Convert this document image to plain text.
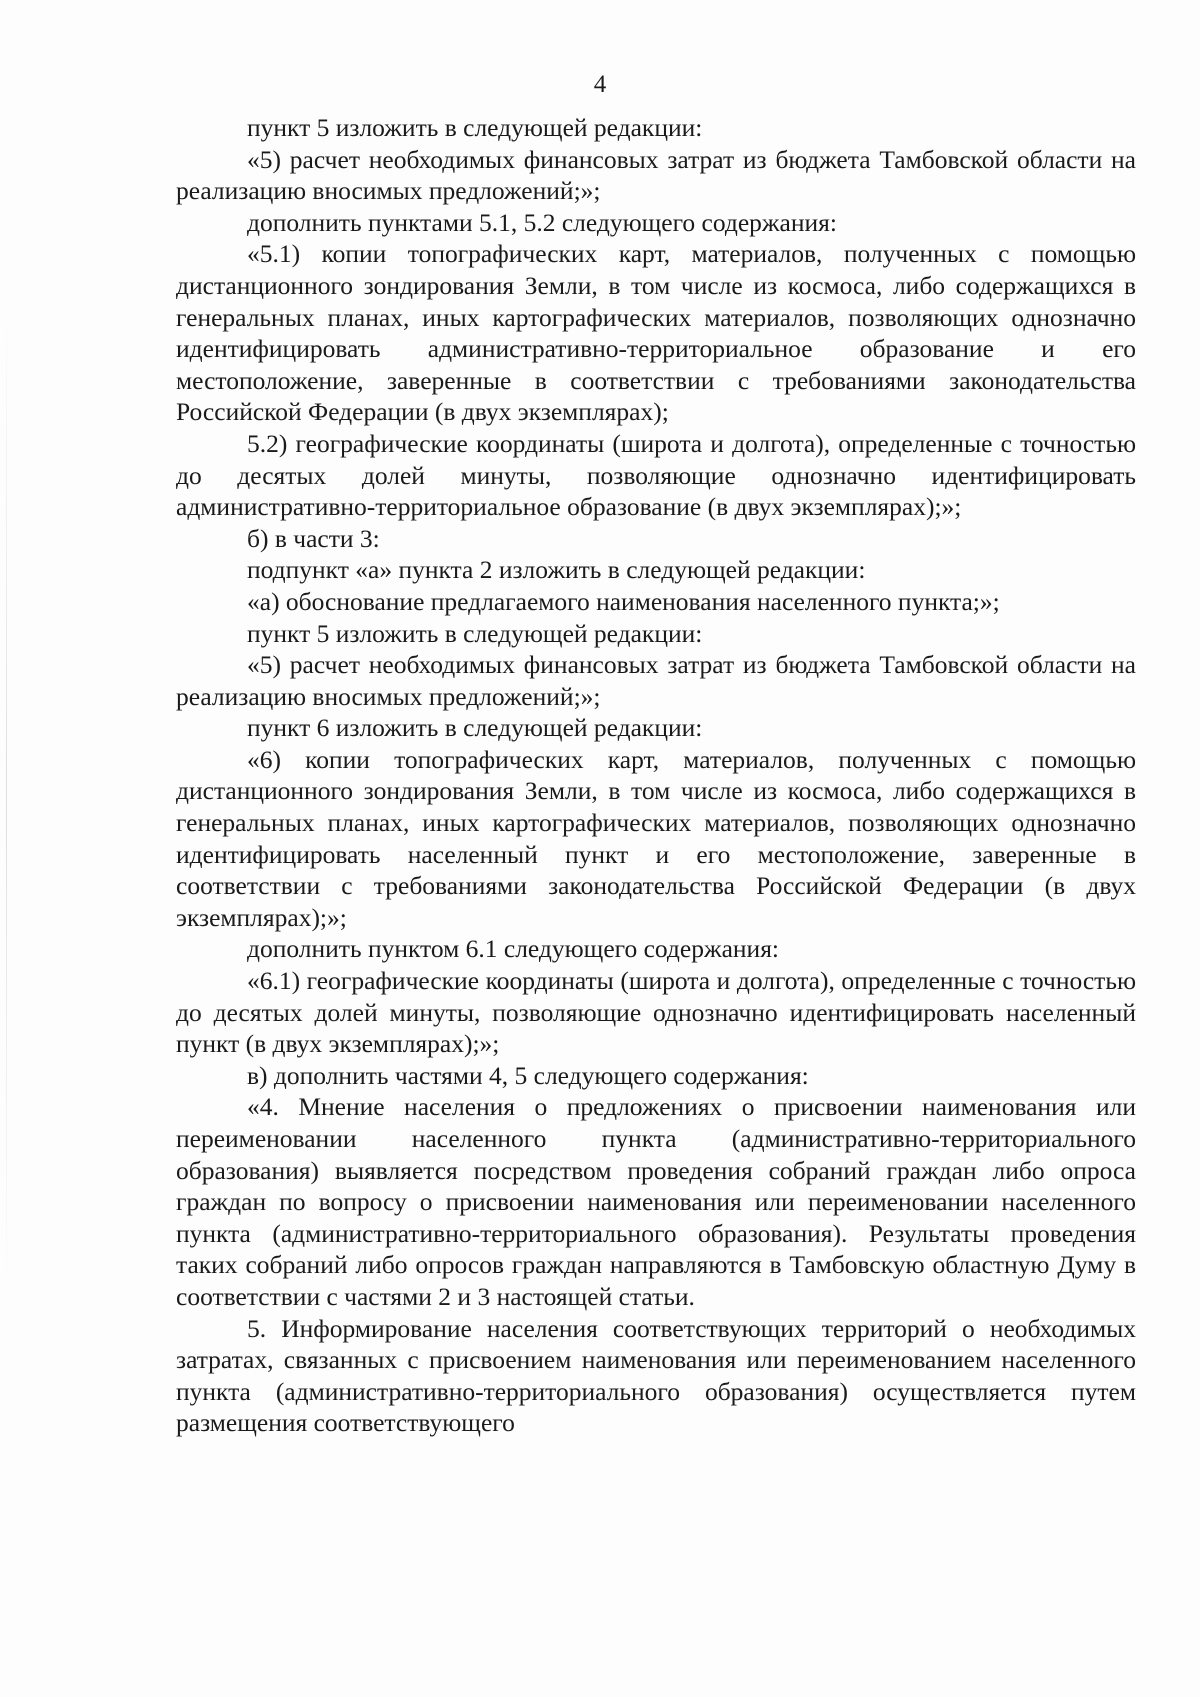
4

пункт 5 изложить в следующей редакции:

«5) расчет необходимых финансовых затрат из бюджета Тамбовской области на реализацию вносимых предложений;»;

дополнить пунктами 5.1, 5.2 следующего содержания:

«5.1) копии топографических карт, материалов, полученных с помощью дистанционного зондирования Земли, в том числе из космоса, либо содержащихся в генеральных планах, иных картографических материалов, позволяющих однозначно идентифицировать административно-территориальное образование и его местоположение, заверенные в соответствии с требованиями законодательства Российской Федерации (в двух экземплярах);

5.2) географические координаты (широта и долгота), определенные с точностью до десятых долей минуты, позволяющие однозначно идентифицировать административно-территориальное образование (в двух экземплярах);»;

б) в части 3:

подпункт «а» пункта 2 изложить в следующей редакции:

«а) обоснование предлагаемого наименования населенного пункта;»;

пункт 5 изложить в следующей редакции:

«5) расчет необходимых финансовых затрат из бюджета Тамбовской области на реализацию вносимых предложений;»;

пункт 6 изложить в следующей редакции:

«6) копии топографических карт, материалов, полученных с помощью дистанционного зондирования Земли, в том числе из космоса, либо содержащихся в генеральных планах, иных картографических материалов, позволяющих однозначно идентифицировать населенный пункт и его местоположение, заверенные в соответствии с требованиями законодательства Российской Федерации (в двух экземплярах);»;

дополнить пунктом 6.1 следующего содержания:

«6.1) географические координаты (широта и долгота), определенные с точностью до десятых долей минуты, позволяющие однозначно идентифицировать населенный пункт (в двух экземплярах);»;

в) дополнить частями 4, 5 следующего содержания:

«4. Мнение населения о предложениях о присвоении наименования или переименовании населенного пункта (административно-территориального образования) выявляется посредством проведения собраний граждан либо опроса граждан по вопросу о присвоении наименования или переименовании населенного пункта (административно-территориального образования). Результаты проведения таких собраний либо опросов граждан направляются в Тамбовскую областную Думу в соответствии с частями 2 и 3 настоящей статьи.

5. Информирование населения соответствующих территорий о необходимых затратах, связанных с присвоением наименования или переименованием населенного пункта (административно-территориального образования) осуществляется путем размещения соответствующего
